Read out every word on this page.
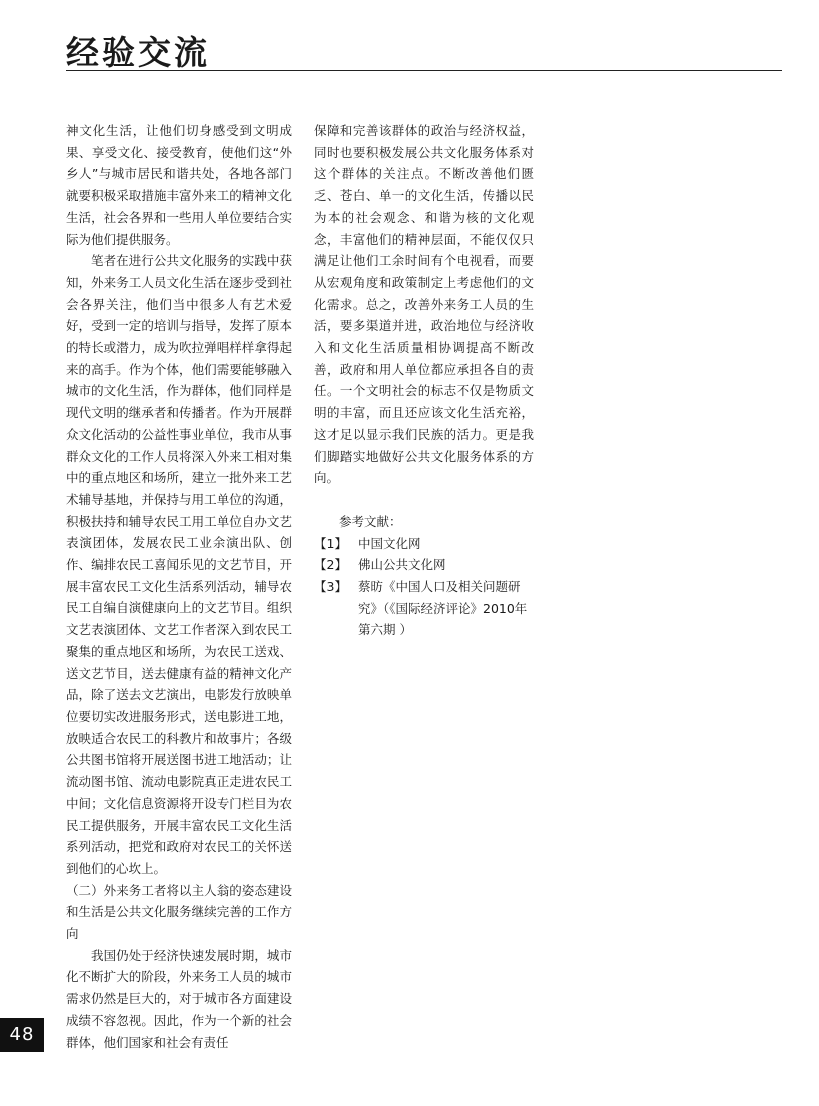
经验交流

神文化生活，让他们切身感受到文明成果、享受文化、接受教育，使他们这“外乡人”与城市居民和谐共处，各地各部门就要积极采取措施丰富外来工的精神文化生活，社会各界和一些用人单位要结合实际为他们提供服务。

笔者在进行公共文化服务的实践中获知，外来务工人员文化生活在逐步受到社会各界关注，他们当中很多人有艺术爱好，受到一定的培训与指导，发挥了原本的特长或潜力，成为吹拉弹唱样样拿得起来的高手。作为个体，他们需要能够融入城市的文化生活，作为群体，他们同样是现代文明的继承者和传播者。作为开展群众文化活动的公益性事业单位，我市从事群众文化的工作人员将深入外来工相对集中的重点地区和场所，建立一批外来工艺术辅导基地，并保持与用工单位的沟通，积极扶持和辅导农民工用工单位自办文艺表演团体，发展农民工业余演出队、创作、编排农民工喜闻乐见的文艺节目，开展丰富农民工文化生活系列活动，辅导农民工自编自演健康向上的文艺节目。组织文艺表演团体、文艺工作者深入到农民工聚集的重点地区和场所，为农民工送戏、送文艺节目，送去健康有益的精神文化产品，除了送去文艺演出，电影发行放映单位要切实改进服务形式，送电影进工地，放映适合农民工的科教片和故事片；各级公共图书馆将开展送图书进工地活动；让流动图书馆、流动电影院真正走进农民工中间；文化信息资源将开设专门栏目为农民工提供服务，开展丰富农民工文化生活系列活动，把党和政府对农民工的关怀送到他们的心坎上。

（二）外来务工者将以主人翁的姿态建设和生活是公共文化服务继续完善的工作方向

我国仍处于经济快速发展时期，城市化不断扩大的阶段，外来务工人员的城市需求仍然是巨大的，对于城市各方面建设成绩不容忽视。因此，作为一个新的社会群体，他们国家和社会有责任

保障和完善该群体的政治与经济权益，同时也要积极发展公共文化服务体系对这个群体的关注点。不断改善他们匮乏、苍白、单一的文化生活，传播以民为本的社会观念、和谐为核的文化观念，丰富他们的精神层面，不能仅仅只满足让他们工余时间有个电视看，而要从宏观角度和政策制定上考虑他们的文化需求。总之，改善外来务工人员的生活，要多渠道并进，政治地位与经济收入和文化生活质量相协调提高不断改善，政府和用人单位都应承担各自的责任。一个文明社会的标志不仅是物质文明的丰富，而且还应该文化生活充裕，这才足以显示我们民族的活力。更是我们脚踏实地做好公共文化服务体系的方向。

参考文献：

【1】 中国文化网
【2】 佛山公共文化网
【3】 蔡昉《中国人口及相关问题研究》（《国际经济评论》2010年第六期 ）
48
